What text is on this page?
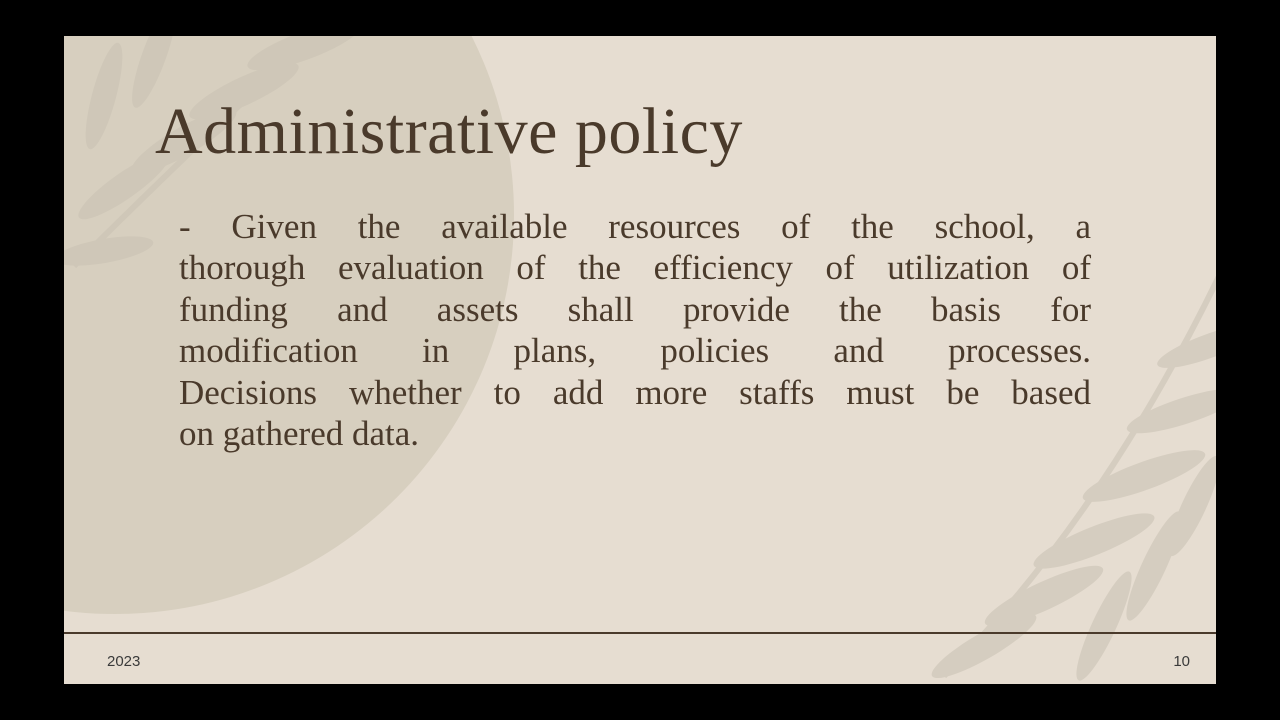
Administrative policy
- Given the available resources of the school, a
thorough evaluation of the efficiency of utilization of
funding and assets shall provide the basis for
modification in plans, policies and processes.
Decisions whether to add more staffs must be based
on gathered data.
2023	10
